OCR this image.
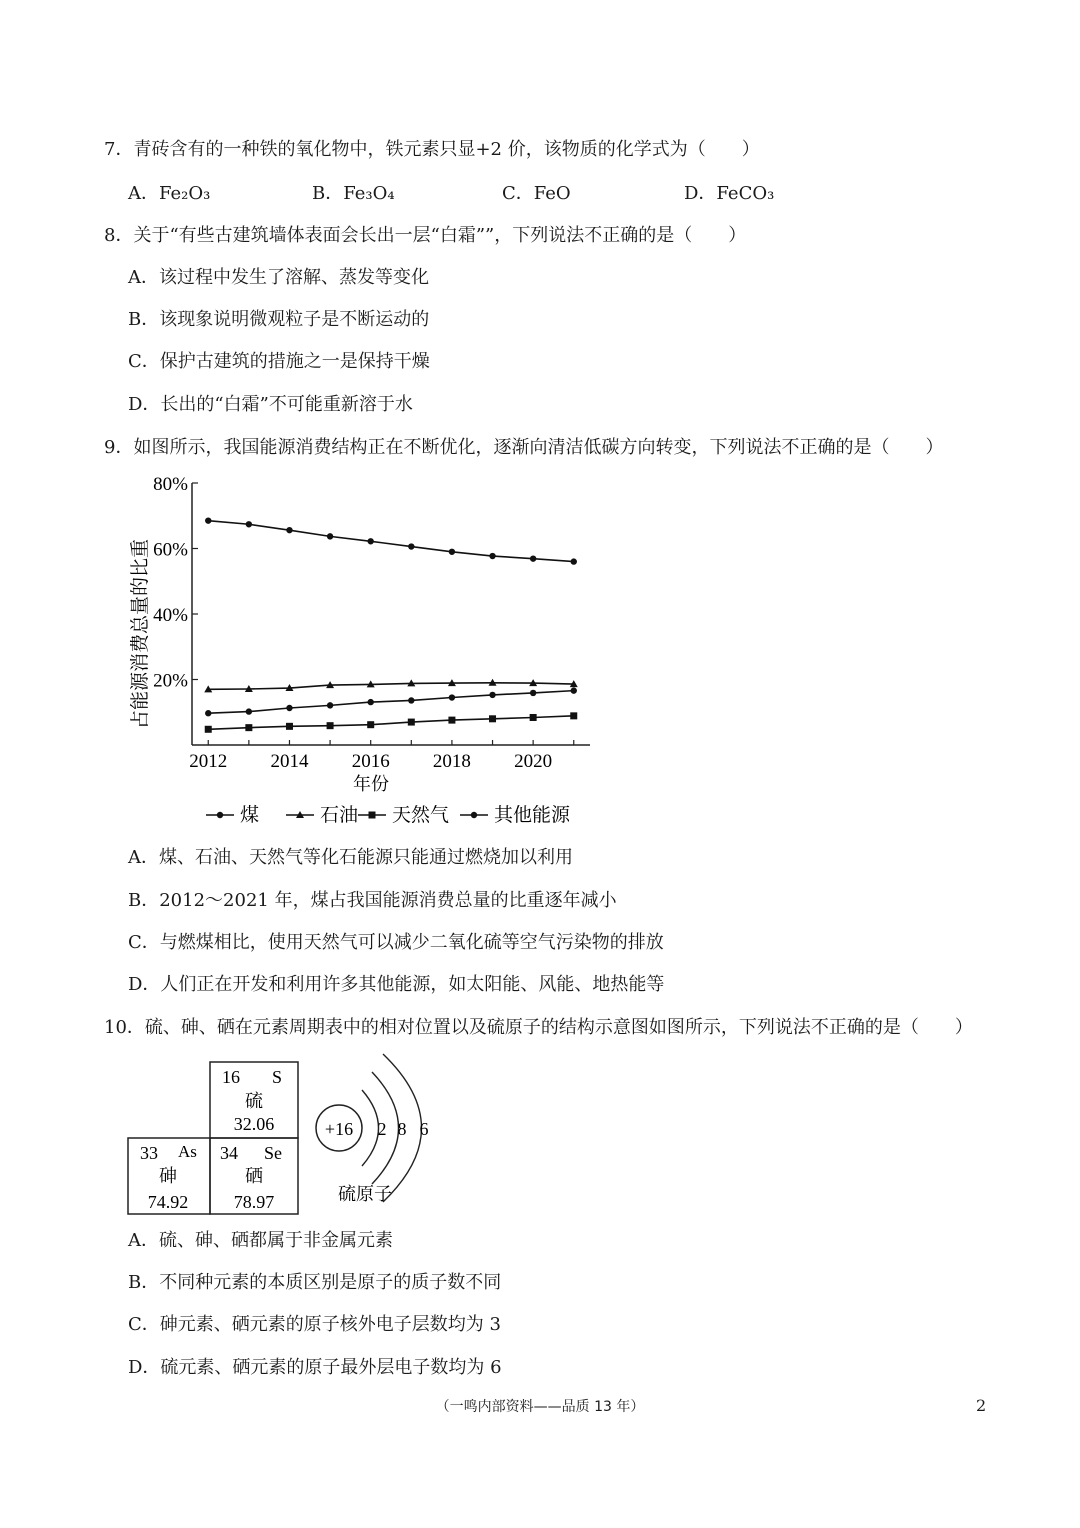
7．青砖含有的一种铁的氧化物中，铁元素只显+2 价，该物质的化学式为（　　）
A．Fe₂O₃	B．Fe₃O₄	C．FeO	D．FeCO₃
8．关于“有些古建筑墙体表面会长出一层“白霜””，下列说法不正确的是（　　）
A．该过程中发生了溶解、蒸发等变化
B．该现象说明微观粒子是不断运动的
C．保护古建筑的措施之一是保持干燥
D．长出的“白霜”不可能重新溶于水
9．如图所示，我国能源消费结构正在不断优化，逐渐向清洁低碳方向转变，下列说法不正确的是（　　）
20%
40%
60%
80%
2012 2014 2016 2018 2020
年份
占能源消费总量的比重
煤	石油 天然气 其他能源
A．煤、石油、天然气等化石能源只能通过燃烧加以利用
B．2012～2021 年，煤占我国能源消费总量的比重逐年减小
C．与燃煤相比，使用天然气可以减少二氧化硫等空气污染物的排放
D．人们正在开发和利用许多其他能源，如太阳能、风能、地热能等
10．硫、砷、硒在元素周期表中的相对位置以及硫原子的结构示意图如图所示，下列说法不正确的是（　　）
16 S
硫
32.06
33 As
砷
74.92
34 Se
硒
78.97
+16 2 8 6
硫原子
A．硫、砷、硒都属于非金属元素
B．不同种元素的本质区别是原子的质子数不同
C．砷元素、硒元素的原子核外电子层数均为 3
D．硫元素、硒元素的原子最外层电子数均为 6
（一鸣内部资料——品质 13 年）	2
